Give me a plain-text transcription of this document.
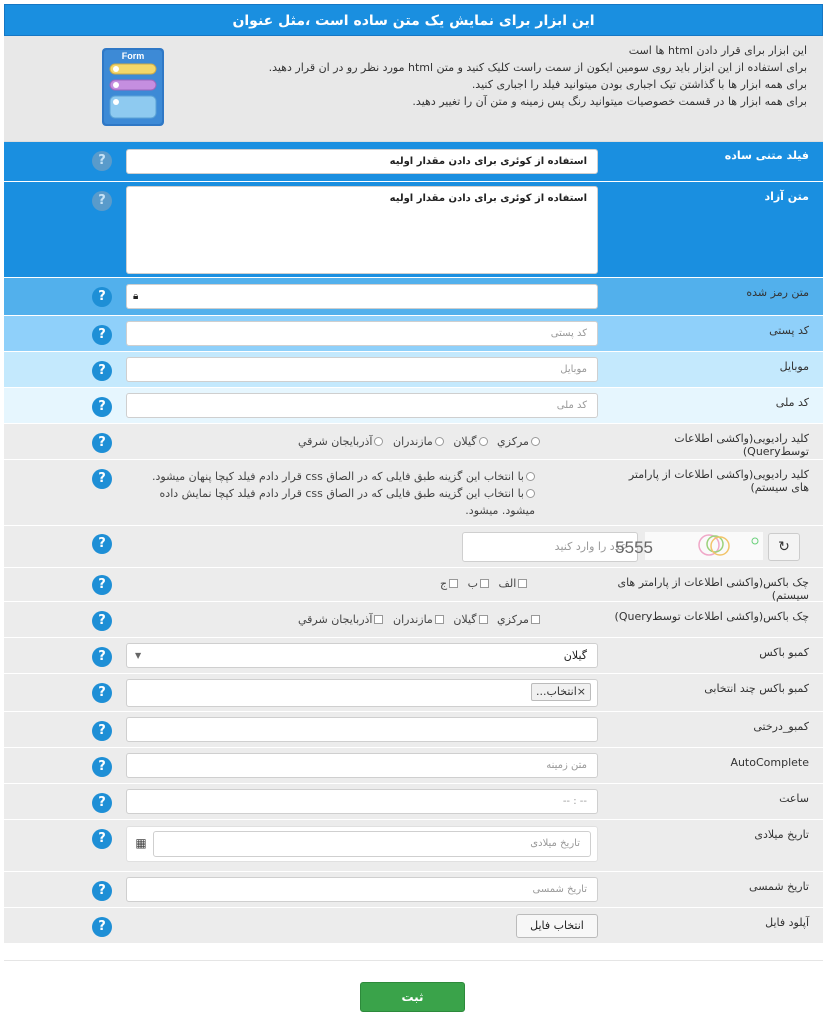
این ابزار برای نمایش یک متن ساده است ،مثل عنوان
این ابزار برای قرار دادن html ها است
برای استفاده از این ابزار باید روی سومین ایکون از سمت راست کلیک کنید و متن html مورد نظر رو در ان قرار دهید.
برای همه ابزار ها با گذاشتن تیک اجباری بودن میتوانید فیلد را اجباری کنید.
برای همه ابزار ها در قسمت خصوصیات میتوانید رنگ پس زمینه و متن آن را تغییر دهید.
Form
فیلد متنی ساده
استفاده از کوئری برای دادن مقدار اولیه
?
متن آزاد
استفاده از کوئری برای دادن مقدار اولیه
?
متن رمز شده
🔒︎
?
کد پستی
کد پستی
?
موبایل
موبایل
?
کد ملی
کد ملی
?
کلید رادیویی(واکشی اطلاعات توسطQuery)
مرکزي گيلان مازندران آذربايجان شرقي
?
کلید رادیویی(واکشی اطلاعات از پارامتر های سیستم)
با انتخاب این گزینه طبق فایلی که در الصاق css قرار دادم فیلد کپچا پنهان میشود.
با انتخاب این گزینه طبق فایلی که در الصاق css قرار دادم فیلد کپچا نمایش داده میشود. میشود.
?
عدد را وارد کنید
5555	↻
?
چک باکس(واکشی اطلاعات از پارامتر های سیستم)
الف ب ج
?
چک باکس(واکشی اطلاعات توسطQuery)
مرکزي گيلان مازندران آذربايجان شرقي
?
کمبو باکس
گیلان
▼
?
کمبو باکس چند انتخابی
×انتخاب...
?
کمبو_درختی
?
AutoComplete
متن زمینه
?
ساعت
-- : --
?
تاریخ میلادی
تاریخ میلادی
▦
?
تاریخ شمسی
تاریخ شمسی
?
آپلود فایل
انتخاب فایل
?
ثبت
